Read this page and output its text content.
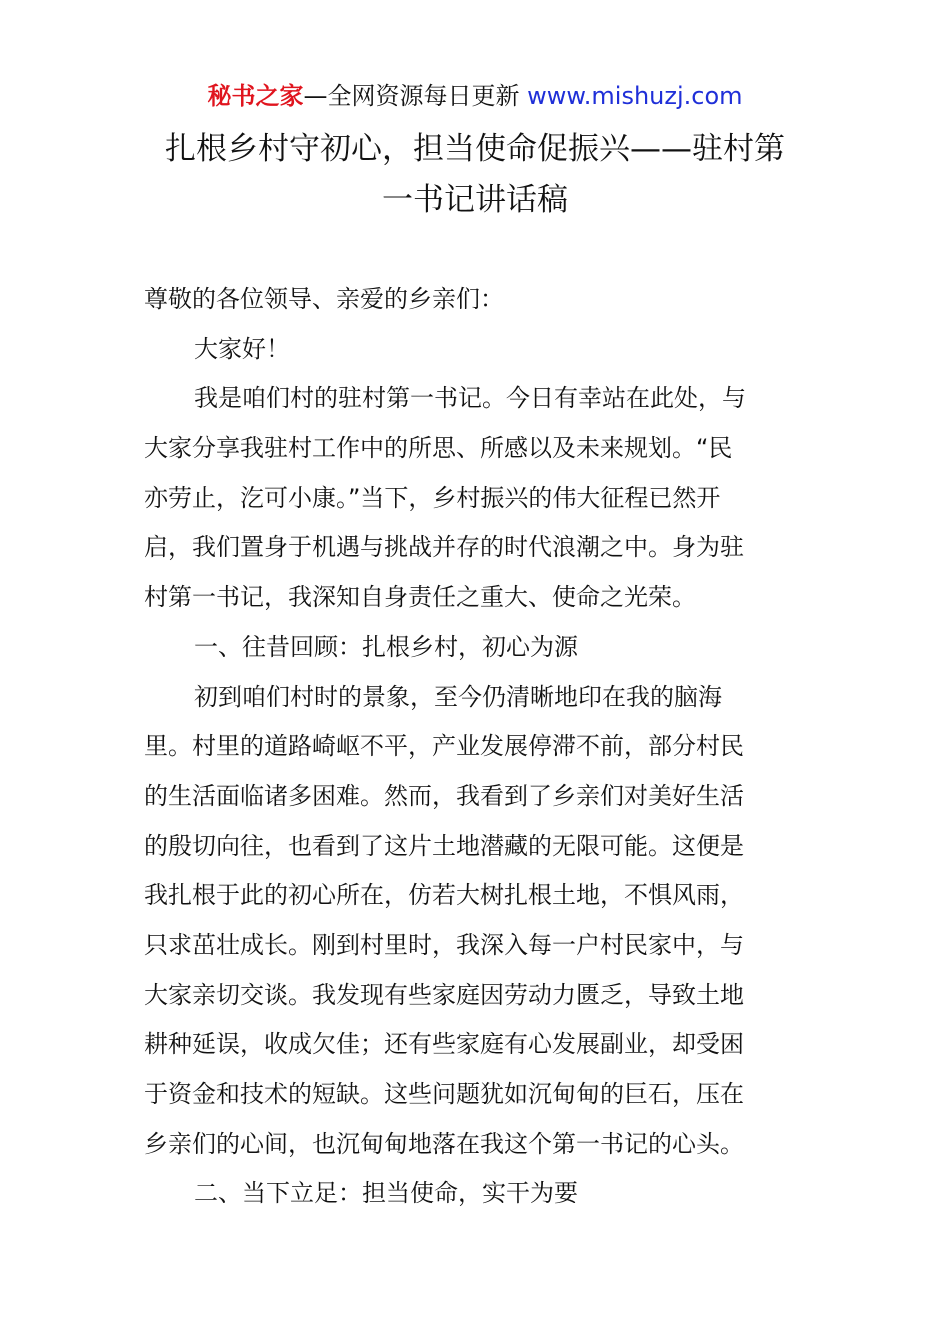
秘书之家—全网资源每日更新 www.mishuzj.com
扎根乡村守初心，担当使命促振兴——驻村第
一书记讲话稿
尊敬的各位领导、亲爱的乡亲们：
大家好！
我是咱们村的驻村第一书记。今日有幸站在此处，与
大家分享我驻村工作中的所思、所感以及未来规划。“民
亦劳止，汔可小康。”当下，乡村振兴的伟大征程已然开
启，我们置身于机遇与挑战并存的时代浪潮之中。身为驻
村第一书记，我深知自身责任之重大、使命之光荣。
一、往昔回顾：扎根乡村，初心为源
初到咱们村时的景象，至今仍清晰地印在我的脑海
里。村里的道路崎岖不平，产业发展停滞不前，部分村民
的生活面临诸多困难。然而，我看到了乡亲们对美好生活
的殷切向往，也看到了这片土地潜藏的无限可能。这便是
我扎根于此的初心所在，仿若大树扎根土地，不惧风雨，
只求茁壮成长。刚到村里时，我深入每一户村民家中，与
大家亲切交谈。我发现有些家庭因劳动力匮乏，导致土地
耕种延误，收成欠佳；还有些家庭有心发展副业，却受困
于资金和技术的短缺。这些问题犹如沉甸甸的巨石，压在
乡亲们的心间，也沉甸甸地落在我这个第一书记的心头。
二、当下立足：担当使命，实干为要
